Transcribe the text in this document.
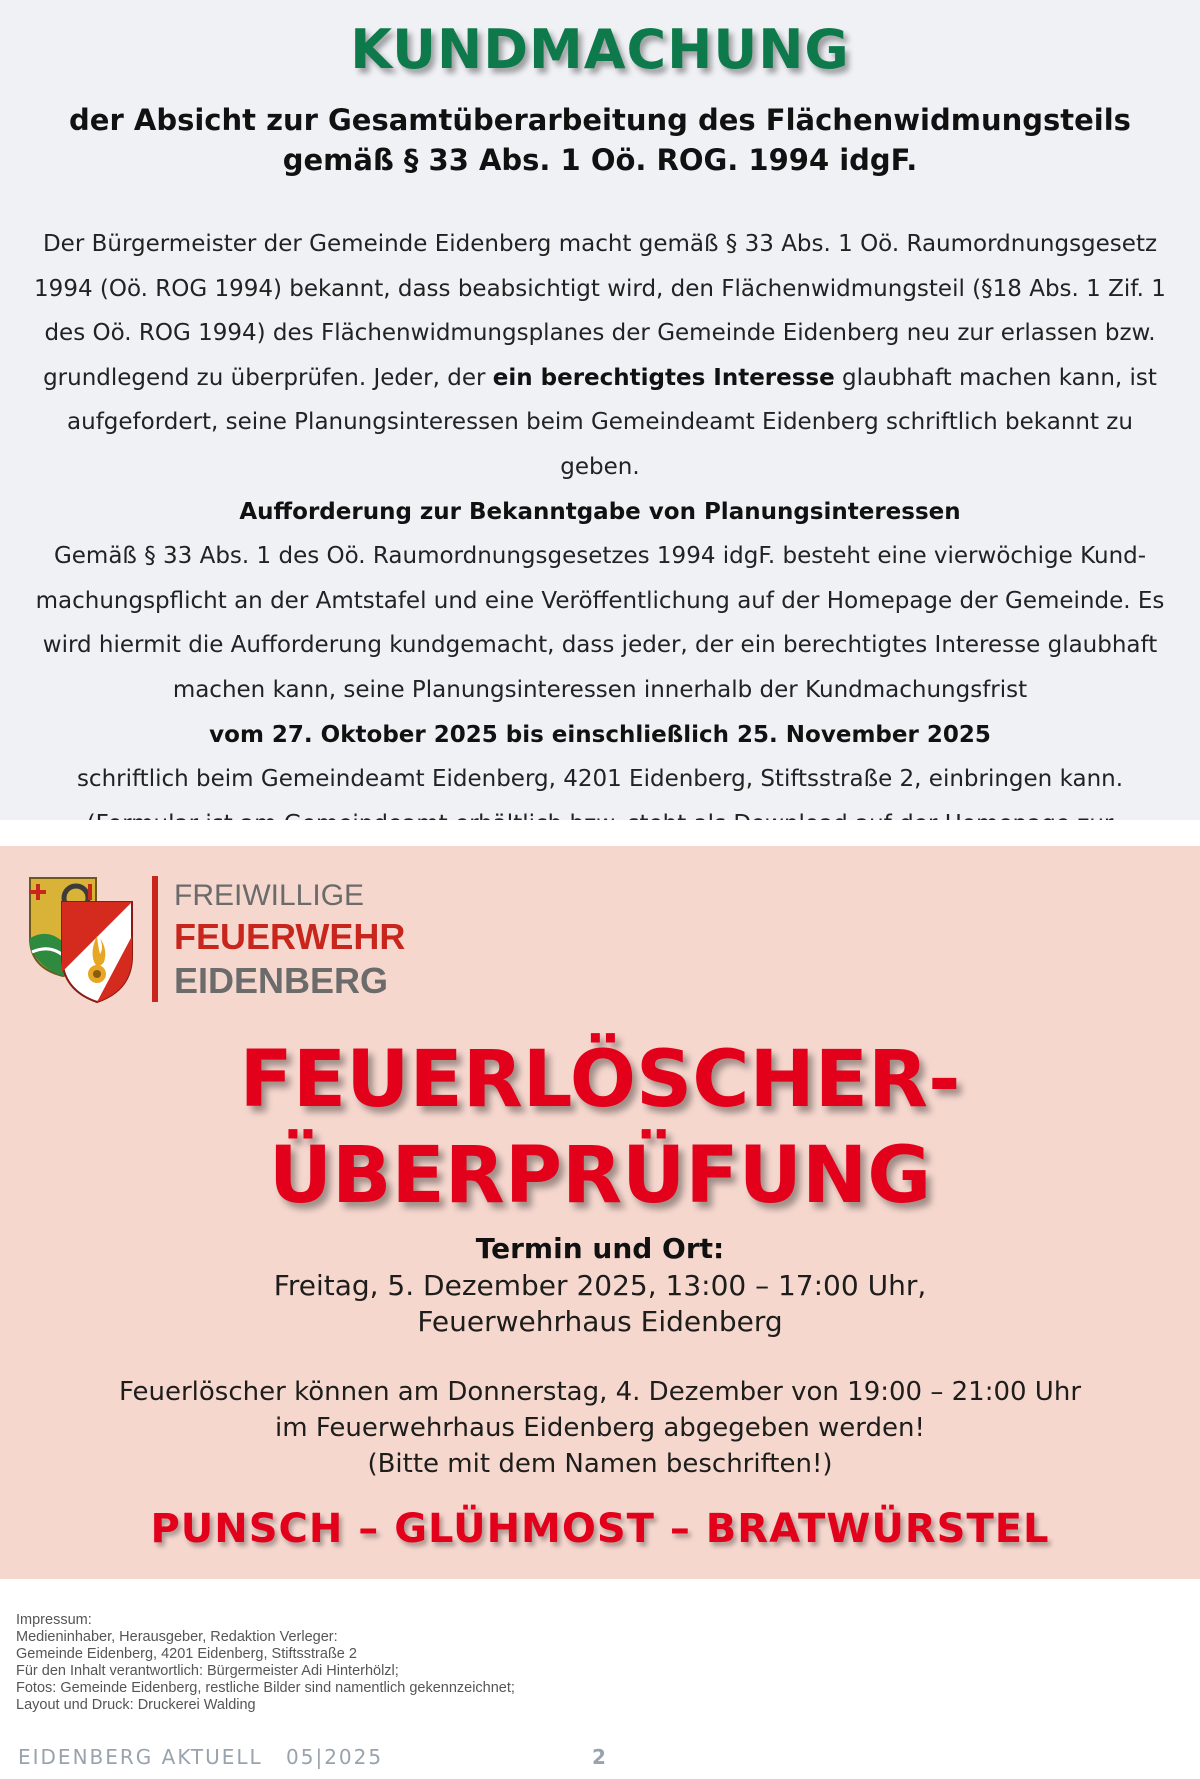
KUNDMACHUNG
der Absicht zur Gesamtüberarbeitung des Flächenwidmungsteils
gemäß § 33 Abs. 1 Oö. ROG. 1994 idgF.

Der Bürgermeister der Gemeinde Eidenberg macht gemäß § 33 Abs. 1 Oö. Raumordnungsgesetz 1994 (Oö. ROG 1994) bekannt, dass beabsichtigt wird, den Flächenwidmungsteil (§18 Abs. 1 Zif. 1 des Oö. ROG 1994) des Flächenwidmungsplanes der Gemeinde Eidenberg neu zur erlassen bzw. grundlegend zu überprüfen. Jeder, der ein berechtigtes Interesse glaubhaft machen kann, ist aufgefordert, seine Planungsinteressen beim Gemeindeamt Eidenberg schriftlich bekannt zu geben.

Aufforderung zur Bekanntgabe von Planungsinteressen

Gemäß § 33 Abs. 1 des Oö. Raumordnungsgesetzes 1994 idgF. besteht eine vierwöchige Kund-machungspflicht an der Amtstafel und eine Veröffentlichung auf der Homepage der Gemeinde. Es wird hiermit die Aufforderung kundgemacht, dass jeder, der ein berechtigtes Interesse glaubhaft machen kann, seine Planungsinteressen innerhalb der Kundmachungsfrist

vom 27. Oktober 2025 bis einschließlich 25. November 2025

schriftlich beim Gemeindeamt Eidenberg, 4201 Eidenberg, Stiftsstraße 2, einbringen kann.

FREIWILLIGE
FEUERWEHR
EIDENBERG
FEUERLÖSCHER-
ÜBERPRÜFUNG
Termin und Ort:
Freitag, 5. Dezember 2025, 13:00 – 17:00 Uhr,
Feuerwehrhaus Eidenberg
Feuerlöscher können am Donnerstag, 4. Dezember von 19:00 – 21:00 Uhr
im Feuerwehrhaus Eidenberg abgegeben werden!
(Bitte mit dem Namen beschriften!)
PUNSCH – GLÜHMOST – BRATWÜRSTEL
Impressum:
Medieninhaber, Herausgeber, Redaktion Verleger:
Gemeinde Eidenberg, 4201 Eidenberg, Stiftsstraße 2
Für den Inhalt verantwortlich: Bürgermeister Adi Hinterhölzl;
Fotos: Gemeinde Eidenberg, restliche Bilder sind namentlich gekennzeichnet;
Layout und Druck: Druckerei Walding
EIDENBERG AKTUELL 05|2025	2
